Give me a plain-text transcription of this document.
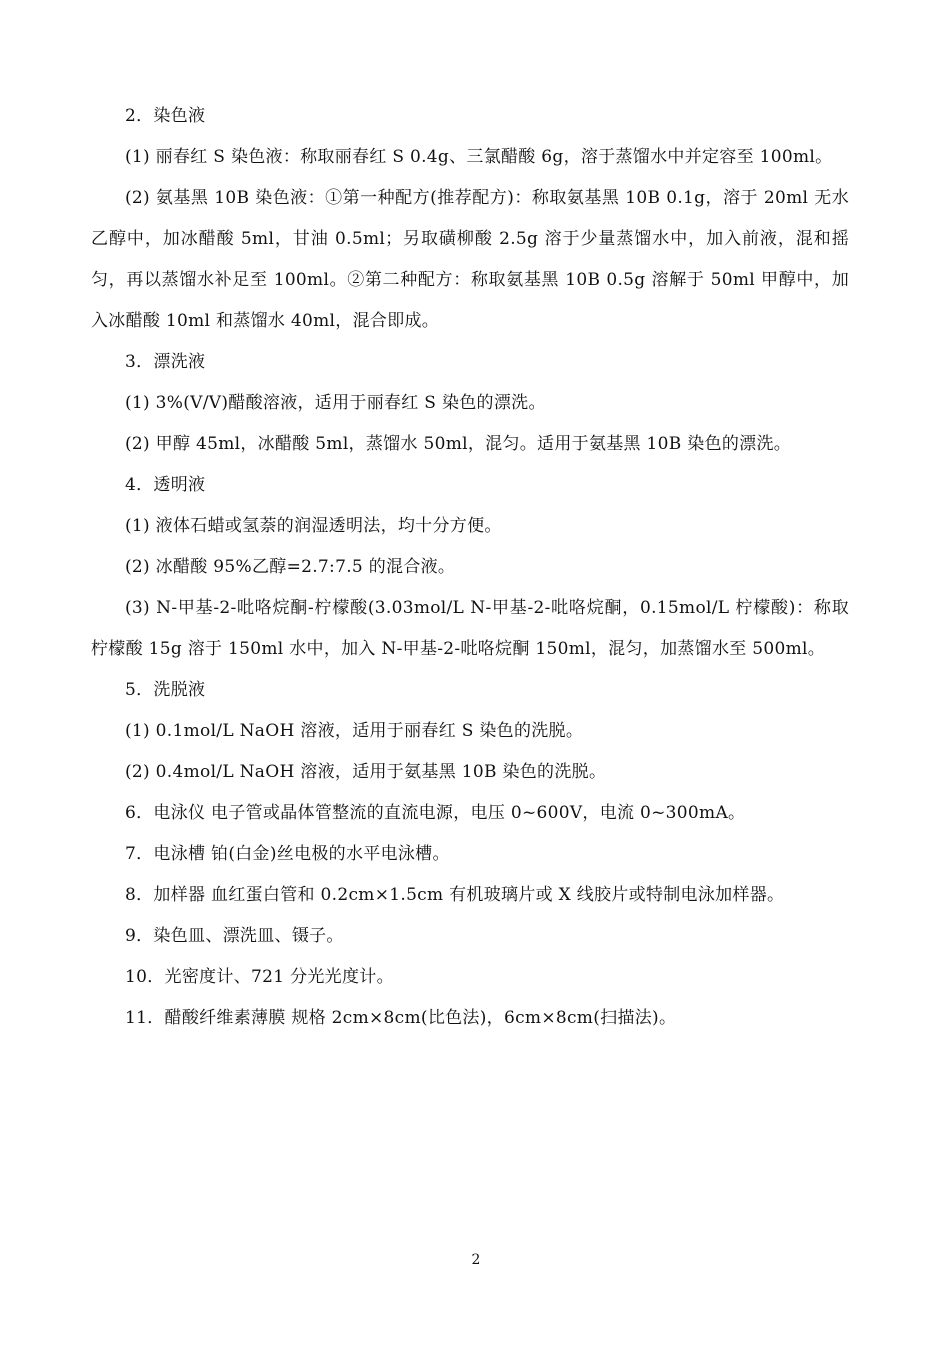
2．染色液

(1) 丽春红 S 染色液：称取丽春红 S 0.4g、三氯醋酸 6g，溶于蒸馏水中并定容至 100ml。

(2) 氨基黑 10B 染色液：①第一种配方(推荐配方)：称取氨基黑 10B 0.1g，溶于 20ml 无水乙醇中，加冰醋酸 5ml，甘油 0.5ml；另取磺柳酸 2.5g 溶于少量蒸馏水中，加入前液，混和摇匀，再以蒸馏水补足至 100ml。②第二种配方：称取氨基黑 10B 0.5g 溶解于 50ml 甲醇中，加入冰醋酸 10ml 和蒸馏水 40ml，混合即成。

3．漂洗液

(1) 3%(V/V)醋酸溶液，适用于丽春红 S 染色的漂洗。

(2) 甲醇 45ml，冰醋酸 5ml，蒸馏水 50ml，混匀。适用于氨基黑 10B 染色的漂洗。

4．透明液

(1) 液体石蜡或氢萘的润湿透明法，均十分方便。

(2) 冰醋酸 95%乙醇=2.7:7.5 的混合液。

(3) N-甲基-2-吡咯烷酮-柠檬酸(3.03mol/L N-甲基-2-吡咯烷酮，0.15mol/L 柠檬酸)：称取柠檬酸 15g 溶于 150ml 水中，加入 N-甲基-2-吡咯烷酮 150ml，混匀，加蒸馏水至 500ml。

5．洗脱液

(1) 0.1mol/L NaOH 溶液，适用于丽春红 S 染色的洗脱。

(2) 0.4mol/L NaOH 溶液，适用于氨基黑 10B 染色的洗脱。

6．电泳仪 电子管或晶体管整流的直流电源，电压 0~600V，电流 0~300mA。

7．电泳槽 铂(白金)丝电极的水平电泳槽。

8．加样器 血红蛋白管和 0.2cm×1.5cm 有机玻璃片或 X 线胶片或特制电泳加样器。

9．染色皿、漂洗皿、镊子。

10．光密度计、721 分光光度计。

11．醋酸纤维素薄膜 规格 2cm×8cm(比色法)，6cm×8cm(扫描法)。

2
